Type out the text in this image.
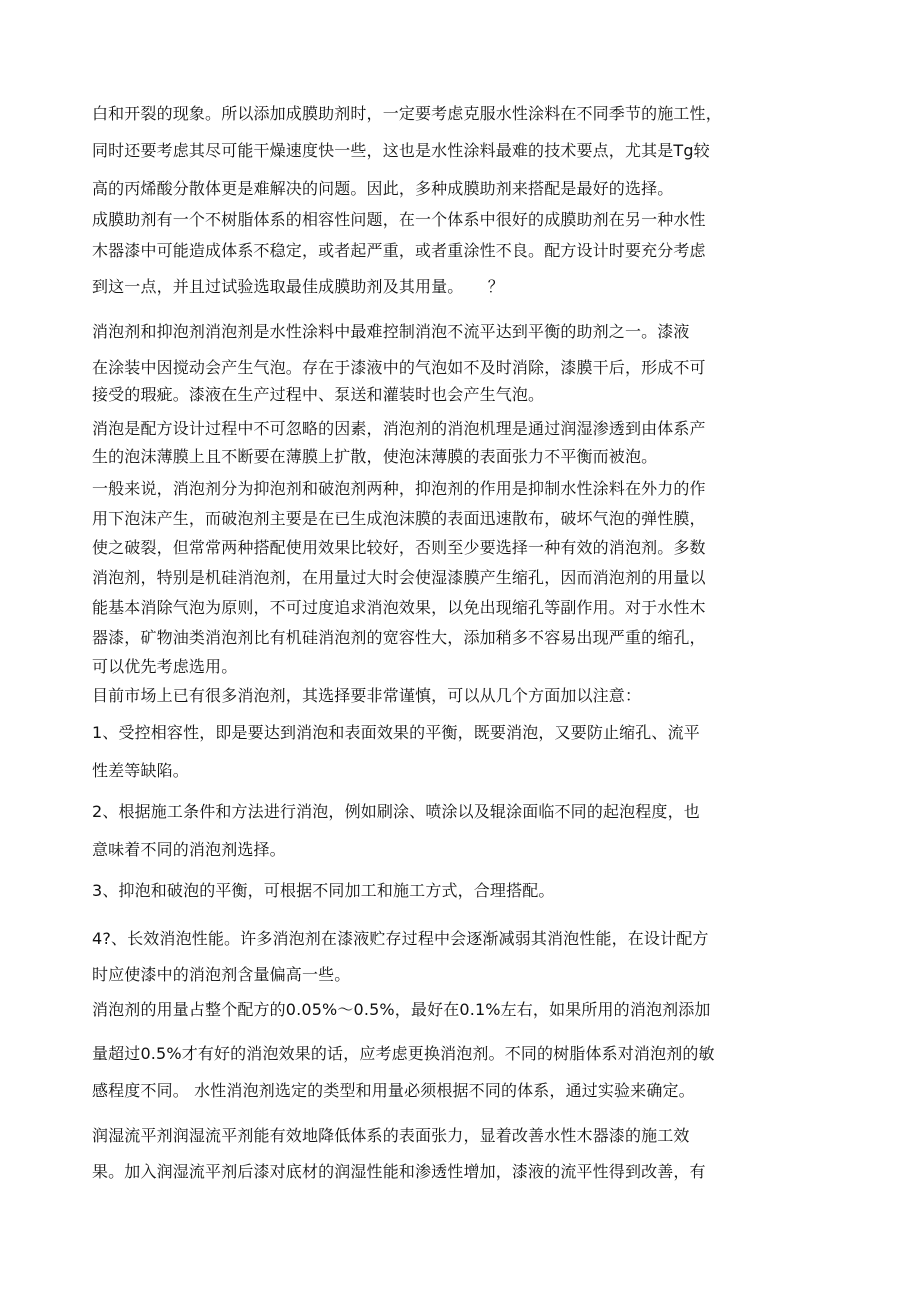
白和开裂的现象。所以添加成膜助剂时，一定要考虑克服水性涂料在不同季节的施工性，
同时还要考虑其尽可能干燥速度快一些，这也是水性涂料最难的技术要点，尤其是Tg较
高的丙烯酸分散体更是难解决的问题。因此，多种成膜助剂来搭配是最好的选择。
成膜助剂有一个不树脂体系的相容性问题，在一个体系中很好的成膜助剂在另一种水性
木器漆中可能造成体系不稳定，或者起严重，或者重涂性不良。配方设计时要充分考虑
到这一点，并且过试验选取最佳成膜助剂及其用量。　　？
消泡剂和抑泡剂消泡剂是水性涂料中最难控制消泡不流平达到平衡的助剂之一。漆液
在涂装中因搅动会产生气泡。存在于漆液中的气泡如不及时消除，漆膜干后，形成不可
接受的瑕疵。漆液在生产过程中、泵送和灌装时也会产生气泡。
消泡是配方设计过程中不可忽略的因素，消泡剂的消泡机理是通过润湿渗透到由体系产
生的泡沫薄膜上且不断要在薄膜上扩散，使泡沫薄膜的表面张力不平衡而被泡。
一般来说，消泡剂分为抑泡剂和破泡剂两种，抑泡剂的作用是抑制水性涂料在外力的作
用下泡沫产生，而破泡剂主要是在已生成泡沫膜的表面迅速散布，破坏气泡的弹性膜，
使之破裂，但常常两种搭配使用效果比较好，否则至少要选择一种有效的消泡剂。多数
消泡剂，特别是机硅消泡剂，在用量过大时会使湿漆膜产生缩孔，因而消泡剂的用量以
能基本消除气泡为原则，不可过度追求消泡效果，以免出现缩孔等副作用。对于水性木
器漆，矿物油类消泡剂比有机硅消泡剂的宽容性大，添加稍多不容易出现严重的缩孔，
可以优先考虑选用。
目前市场上已有很多消泡剂，其选择要非常谨慎，可以从几个方面加以注意：
1、受控相容性，即是要达到消泡和表面效果的平衡，既要消泡，又要防止缩孔、流平
性差等缺陷。
2、根据施工条件和方法进行消泡，例如刷涂、喷涂以及辊涂面临不同的起泡程度，也
意味着不同的消泡剂选择。
3、抑泡和破泡的平衡，可根据不同加工和施工方式，合理搭配。
4?、长效消泡性能。许多消泡剂在漆液贮存过程中会逐渐减弱其消泡性能，在设计配方
时应使漆中的消泡剂含量偏高一些。
消泡剂的用量占整个配方的0.05%～0.5%，最好在0.1%左右，如果所用的消泡剂添加
量超过0.5%才有好的消泡效果的话，应考虑更换消泡剂。不同的树脂体系对消泡剂的敏
感程度不同。 水性消泡剂选定的类型和用量必须根据不同的体系，通过实验来确定。
润湿流平剂润湿流平剂能有效地降低体系的表面张力，显着改善水性木器漆的施工效
果。加入润湿流平剂后漆对底材的润湿性能和渗透性增加，漆液的流平性得到改善，有
